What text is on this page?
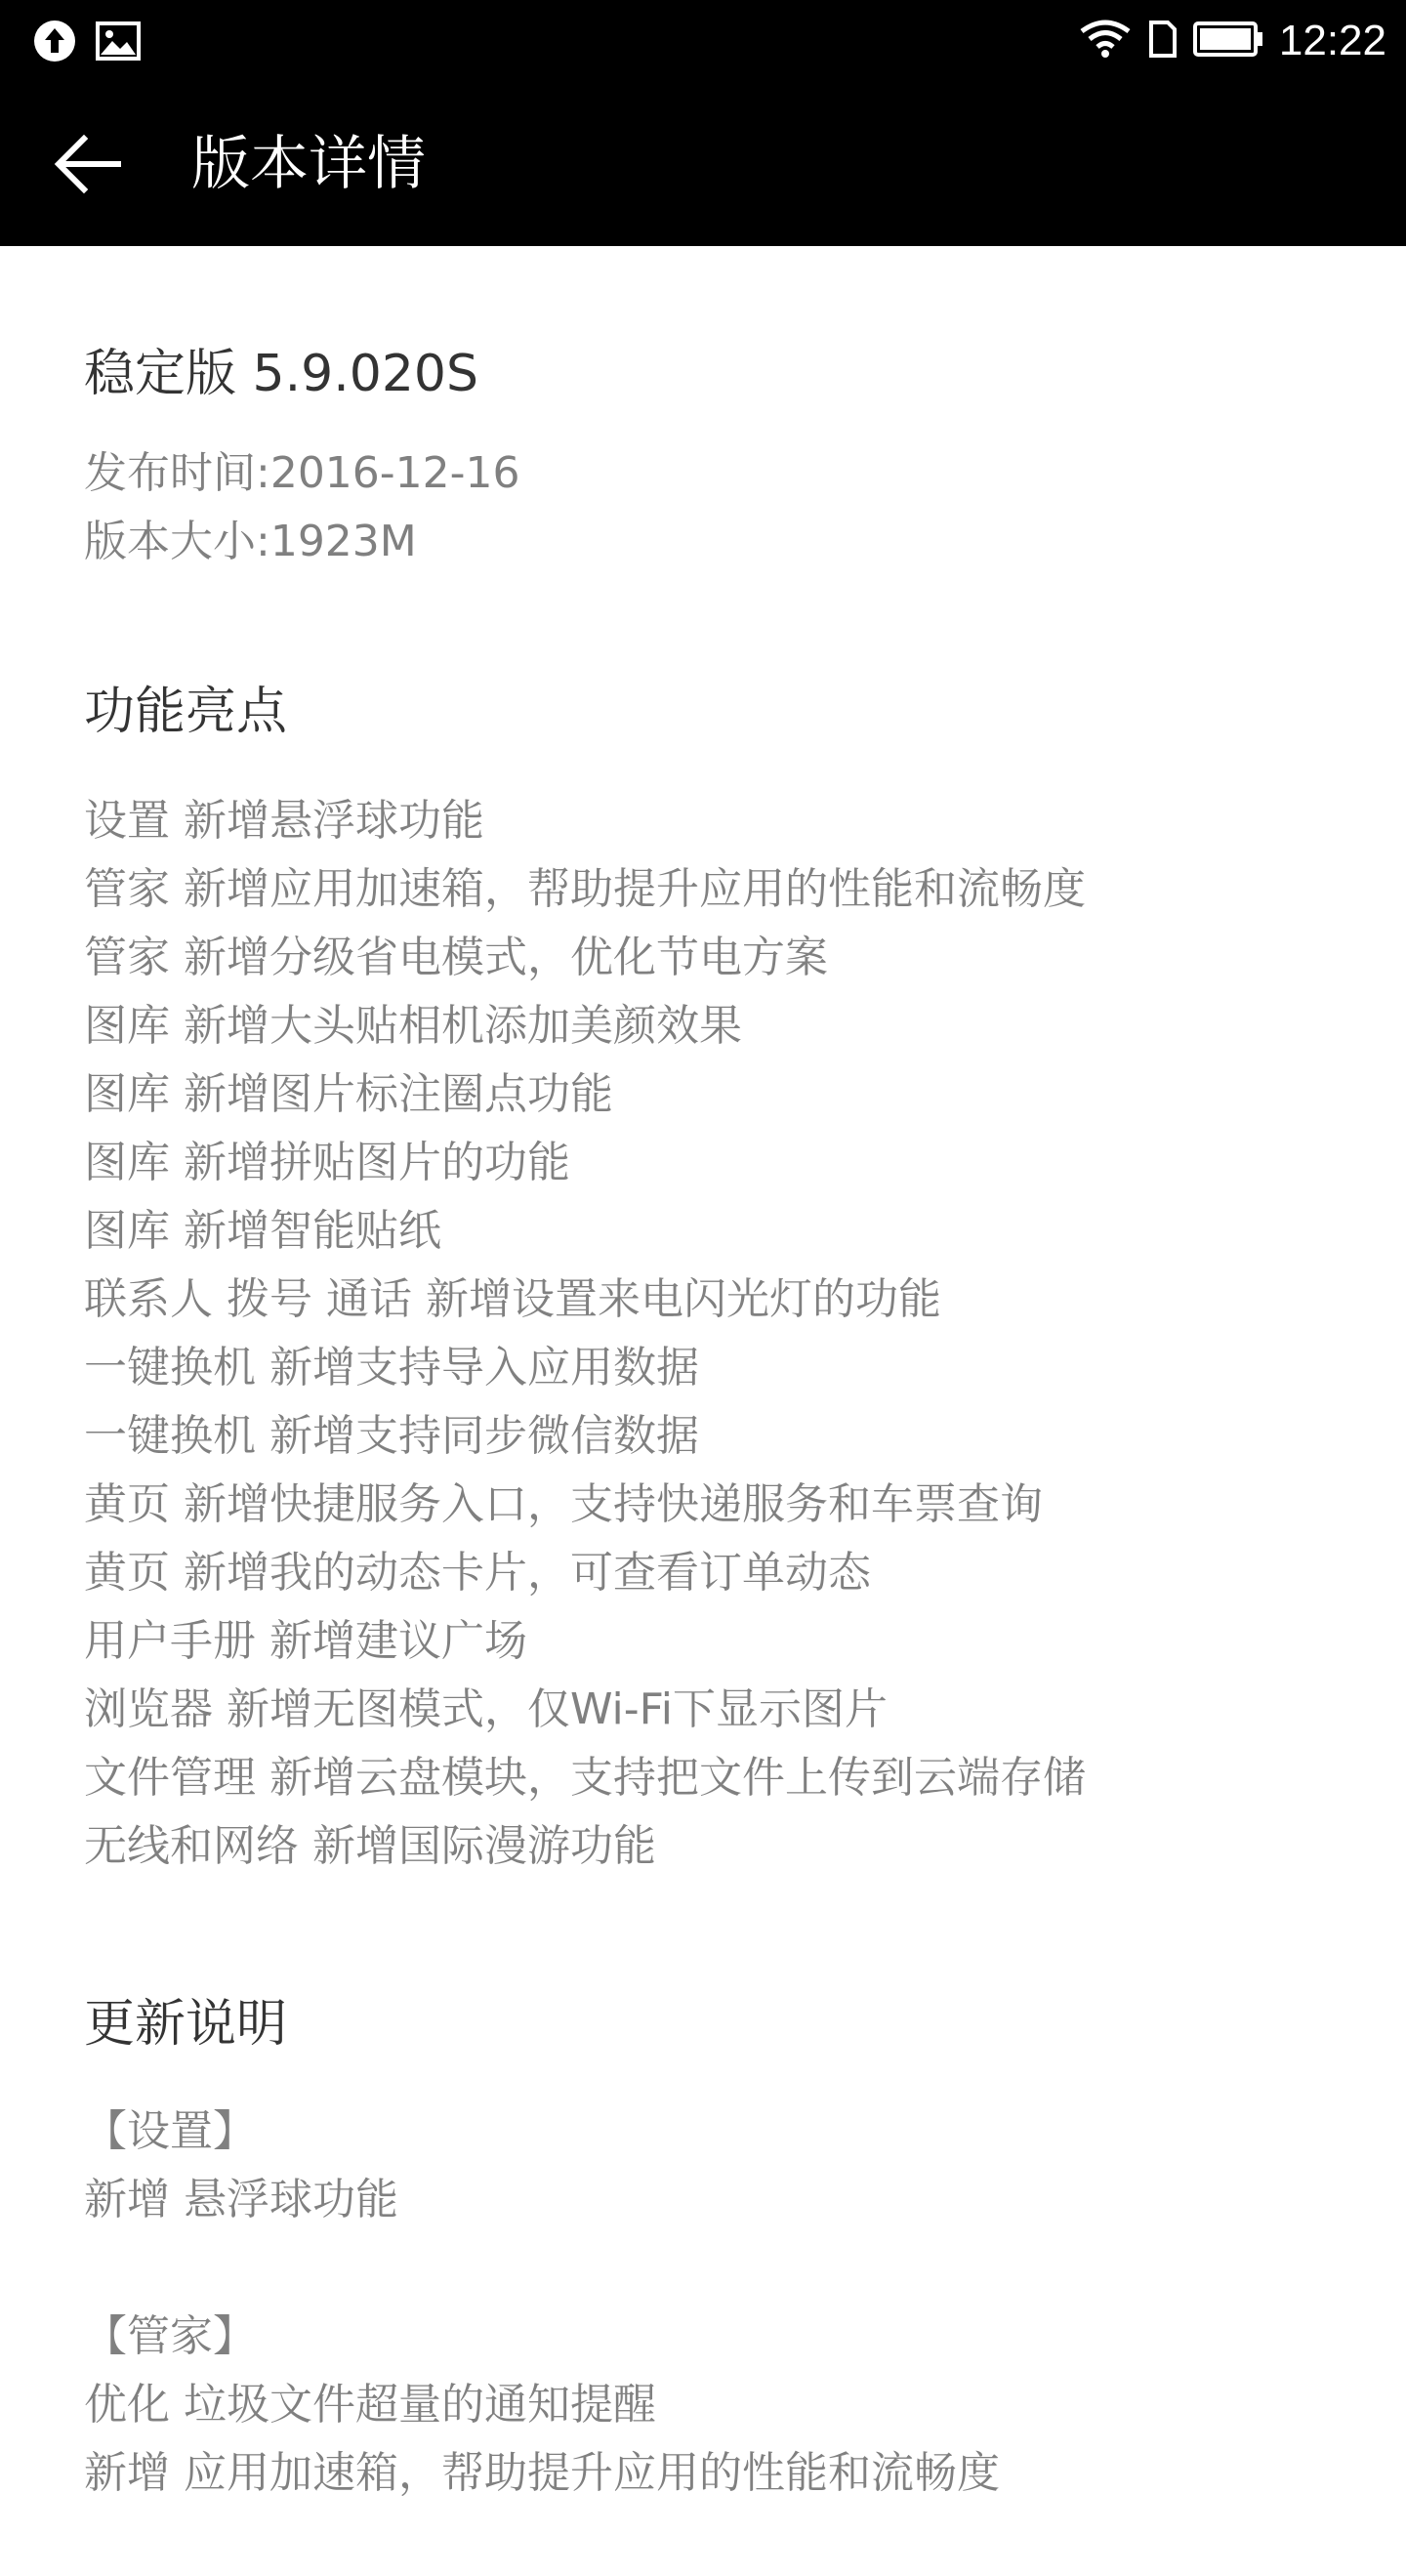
12:22
版本详情
稳定版 5.9.020S
发布时间:2016-12-16
版本大小:1923M
功能亮点
设置 新增悬浮球功能
管家 新增应用加速箱，帮助提升应用的性能和流畅度
管家 新增分级省电模式，优化节电方案
图库 新增大头贴相机添加美颜效果
图库 新增图片标注圈点功能
图库 新增拼贴图片的功能
图库 新增智能贴纸
联系人 拨号 通话 新增设置来电闪光灯的功能
一键换机 新增支持导入应用数据
一键换机 新增支持同步微信数据
黄页 新增快捷服务入口，支持快递服务和车票查询
黄页 新增我的动态卡片，可查看订单动态
用户手册 新增建议广场
浏览器 新增无图模式，仅Wi-Fi下显示图片
文件管理 新增云盘模块，支持把文件上传到云端存储
无线和网络 新增国际漫游功能
更新说明
【设置】
新增 悬浮球功能
【管家】
优化 垃圾文件超量的通知提醒
新增 应用加速箱，帮助提升应用的性能和流畅度
